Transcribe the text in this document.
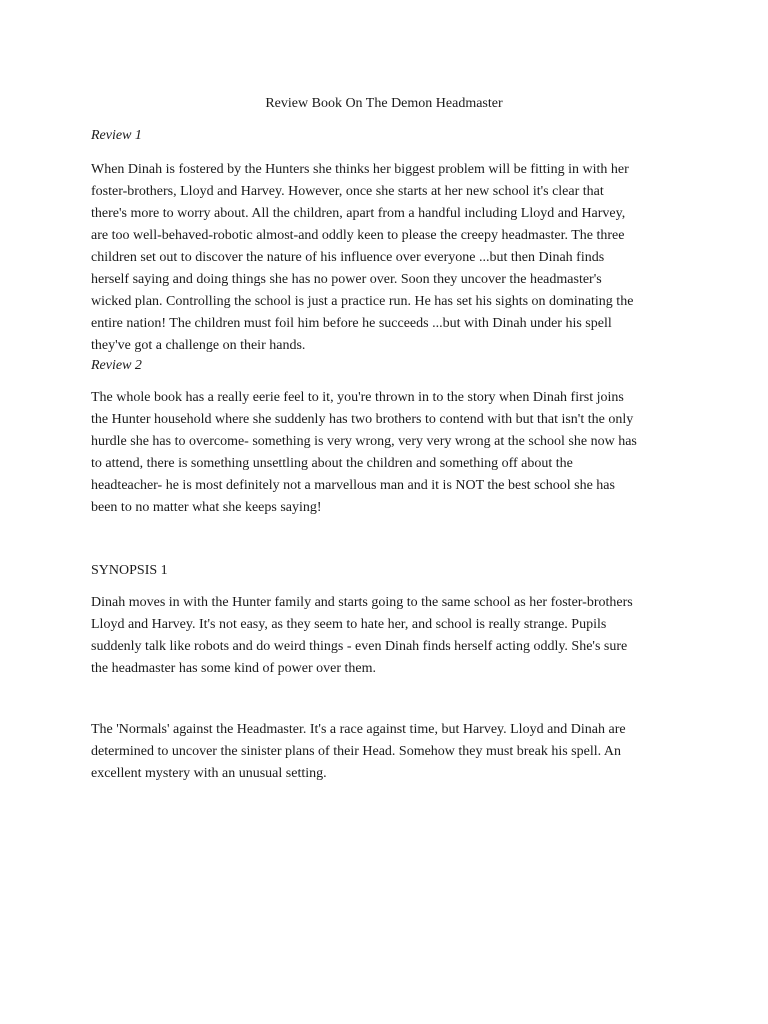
Review Book On The Demon Headmaster
Review 1
When Dinah is fostered by the Hunters she thinks her biggest problem will be fitting in with her
foster-brothers, Lloyd and Harvey. However, once she starts at her new school it's clear that
there's more to worry about. All the children, apart from a handful including Lloyd and Harvey,
are too well-behaved-robotic almost-and oddly keen to please the creepy headmaster. The three
children set out to discover the nature of his influence over everyone ...but then Dinah finds
herself saying and doing things she has no power over. Soon they uncover the headmaster's
wicked plan. Controlling the school is just a practice run. He has set his sights on dominating the
entire nation! The children must foil him before he succeeds ...but with Dinah under his spell
they've got a challenge on their hands.
Review 2
The whole book has a really eerie feel to it, you're thrown in to the story when Dinah first joins
the Hunter household where she suddenly has two brothers to contend with but that isn't the only
hurdle she has to overcome- something is very wrong, very very wrong at the school she now has
to attend, there is something unsettling about the children and something off about the
headteacher- he is most definitely not a marvellous man and it is NOT the best school she has
been to no matter what she keeps saying!
SYNOPSIS 1
Dinah moves in with the Hunter family and starts going to the same school as her foster-brothers
Lloyd and Harvey. It's not easy, as they seem to hate her, and school is really strange. Pupils
suddenly talk like robots and do weird things - even Dinah finds herself acting oddly. She's sure
the headmaster has some kind of power over them.
The 'Normals' against the Headmaster. It's a race against time, but Harvey. Lloyd and Dinah are
determined to uncover the sinister plans of their Head. Somehow they must break his spell. An
excellent mystery with an unusual setting.
